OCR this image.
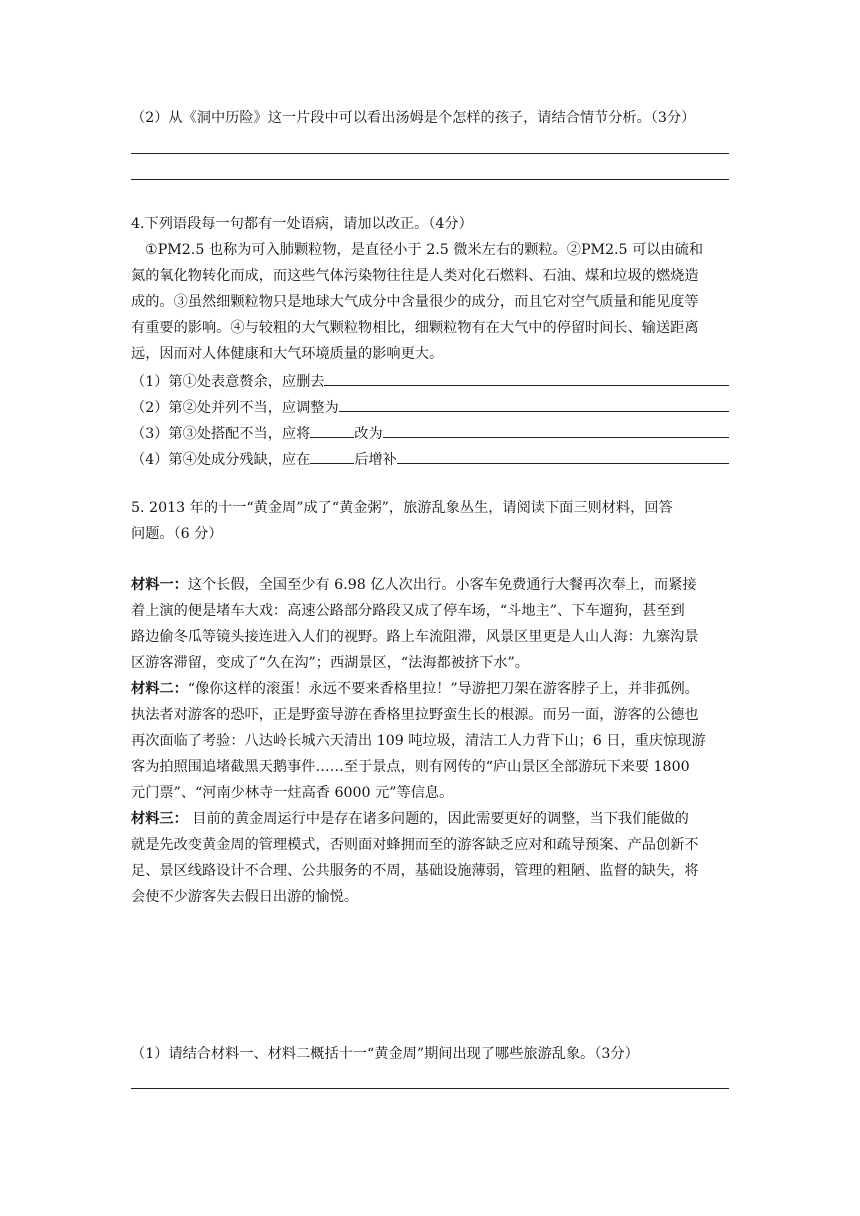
（2）从《洞中历险》这一片段中可以看出汤姆是个怎样的孩子，请结合情节分析。（3分）
4.下列语段每一句都有一处语病，请加以改正。（4分）
①PM2.5 也称为可入肺颗粒物，是直径小于 2.5 微米左右的颗粒。②PM2.5 可以由硫和
氮的氧化物转化而成，而这些气体污染物往往是人类对化石燃料、石油、煤和垃圾的燃烧造
成的。③虽然细颗粒物只是地球大气成分中含量很少的成分，而且它对空气质量和能见度等
有重要的影响。④与较粗的大气颗粒物相比，细颗粒物有在大气中的停留时间长、输送距离
远，因而对人体健康和大气环境质量的影响更大。
（1）第①处表意赘余，应删去
（2）第②处并列不当，应调整为
（3）第③处搭配不当，应将	改为
（4）第④处成分残缺，应在	后增补
5. 2013 年的十一“黄金周”成了“黄金粥”，旅游乱象丛生，请阅读下面三则材料，回答
问题。（6 分）
材料一：这个长假，全国至少有 6.98 亿人次出行。小客车免费通行大餐再次奉上，而紧接
着上演的便是堵车大戏：高速公路部分路段又成了停车场，“斗地主”、下车遛狗，甚至到
路边偷冬瓜等镜头接连进入人们的视野。路上车流阻滞，风景区里更是人山人海：九寨沟景
区游客滞留，变成了“久在沟”；西湖景区，“法海都被挤下水”。
材料二：“像你这样的滚蛋！永远不要来香格里拉！”导游把刀架在游客脖子上，并非孤例。
执法者对游客的恐吓，正是野蛮导游在香格里拉野蛮生长的根源。而另一面，游客的公德也
再次面临了考验：八达岭长城六天清出 109 吨垃圾，清洁工人力背下山；6 日，重庆惊现游
客为拍照围追堵截黑天鹅事件……至于景点，则有网传的“庐山景区全部游玩下来要 1800
元门票”、“河南少林寺一炷高香 6000 元”等信息。
材料三： 目前的黄金周运行中是存在诸多问题的，因此需要更好的调整，当下我们能做的
就是先改变黄金周的管理模式，否则面对蜂拥而至的游客缺乏应对和疏导预案、产品创新不
足、景区线路设计不合理、公共服务的不周，基础设施薄弱，管理的粗陋、监督的缺失，将
会使不少游客失去假日出游的愉悦。
（1）请结合材料一、材料二概括十一“黄金周”期间出现了哪些旅游乱象。（3分）
